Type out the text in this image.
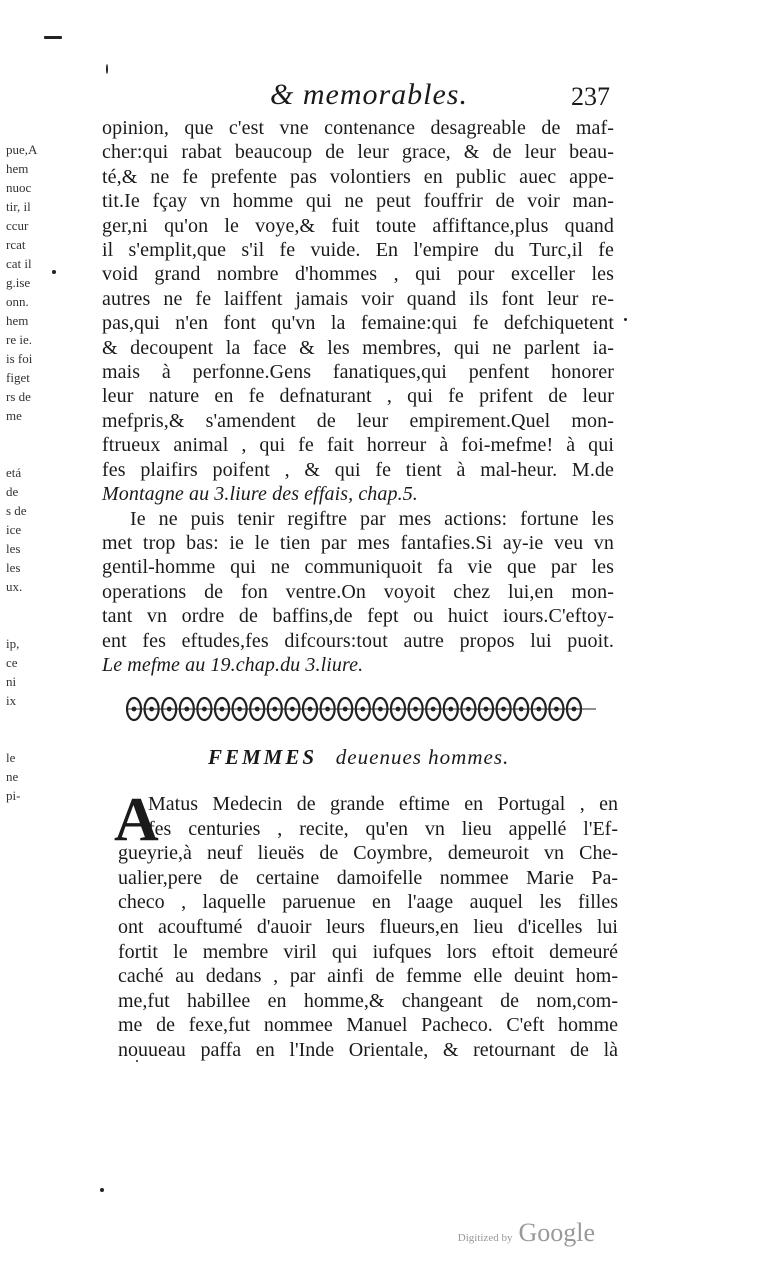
pue,A
hem
nuoc
tir, il
ccur
rcat
cat il
g.ise
onn.
hem
re ie.
is foi
figet
rs de
me
etá
de
s de
ice
les
les
ux.
ip,
ce
ni
ix
le
ne
pi-
& memorables.	237
opinion, que c'est vne contenance desagreable de maf-
cher:qui rabat beaucoup de leur grace, & de leur beau-
té,& ne fe prefente pas volontiers en public auec appe-
tit.Ie fçay vn homme qui ne peut fouffrir de voir man-
ger,ni qu'on le voye,& fuit toute affiftance,plus quand
il s'emplit,que s'il fe vuide. En l'empire du Turc,il fe
void grand nombre d'hommes , qui pour exceller les
autres ne fe laiffent jamais voir quand ils font leur re-
pas,qui n'en font qu'vn la femaine:qui fe defchiquetent
& decoupent la face & les membres, qui ne parlent ia-
mais à perfonne.Gens fanatiques,qui penfent honorer
leur nature en fe defnaturant , qui fe prifent de leur
mefpris,& s'amendent de leur empirement.Quel mon-
ftrueux animal , qui fe fait horreur à foi-mefme! à qui
fes plaifirs poifent , & qui fe tient à mal-heur. M.de
Montagne au 3.liure des effais, chap.5.
Ie ne puis tenir regiftre par mes actions: fortune les
met trop bas: ie le tien par mes fantafies.Si ay-ie veu vn
gentil-homme qui ne communiquoit fa vie que par les
operations de fon ventre.On voyoit chez lui,en mon-
tant vn ordre de baffins,de fept ou huict iours.C'eftoy-
ent fes eftudes,fes difcours:tout autre propos lui puoit.
Le mefme au 19.chap.du 3.liure.
FEMMES deuenues hommes.
A
Matus Medecin de grande eftime en Portugal , en
fes centuries , recite, qu'en vn lieu appellé l'Ef-
gueyrie,à neuf lieuës de Coymbre, demeuroit vn Che-
ualier,pere de certaine damoifelle nommee Marie Pa-
checo , laquelle paruenue en l'aage auquel les filles
ont acouftumé d'auoir leurs flueurs,en lieu d'icelles lui
fortit le membre viril qui iufques lors eftoit demeuré
caché au dedans , par ainfi de femme elle deuint hom-
me,fut habillee en homme,& changeant de nom,com-
me de fexe,fut nommee Manuel Pacheco. C'eft homme
nouueau paffa en l'Inde Orientale, & retournant de là
Digitized by Google
